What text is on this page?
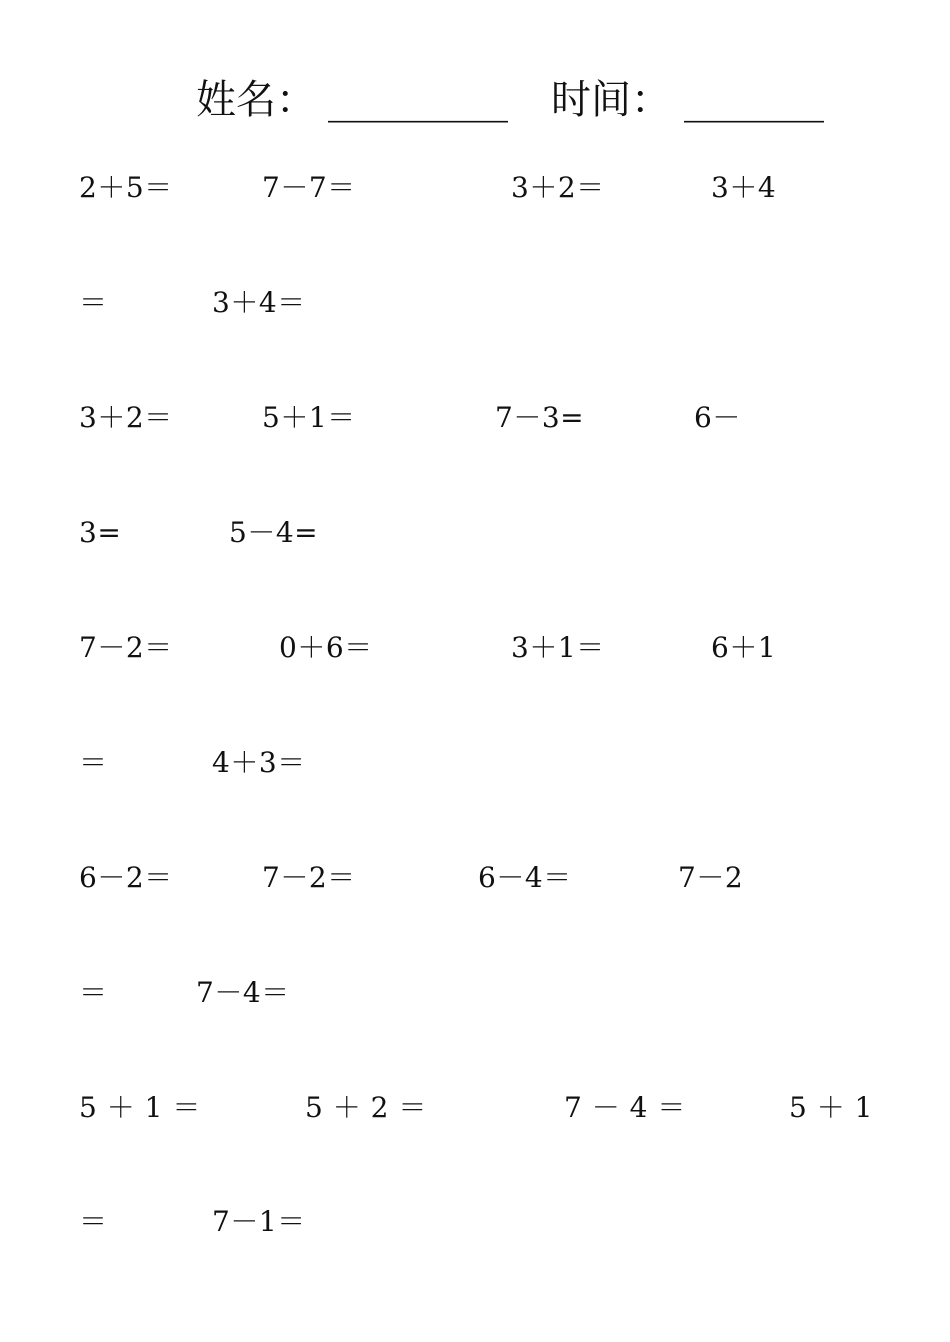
姓名： _________ 时间： _______
2＋5＝	7－7＝	3＋2＝	3＋4
＝	3＋4＝
3＋2＝	5＋1＝	7－3=	6－
3=	5－4=
7－2＝	0＋6＝	3＋1＝	6＋1
＝	4＋3＝
6－2＝	7－2＝	6－4＝	7－2
＝	7－4＝
5 ＋ 1 ＝	5 ＋ 2 ＝	7 － 4 ＝	5 ＋ 1
＝	7－1＝
